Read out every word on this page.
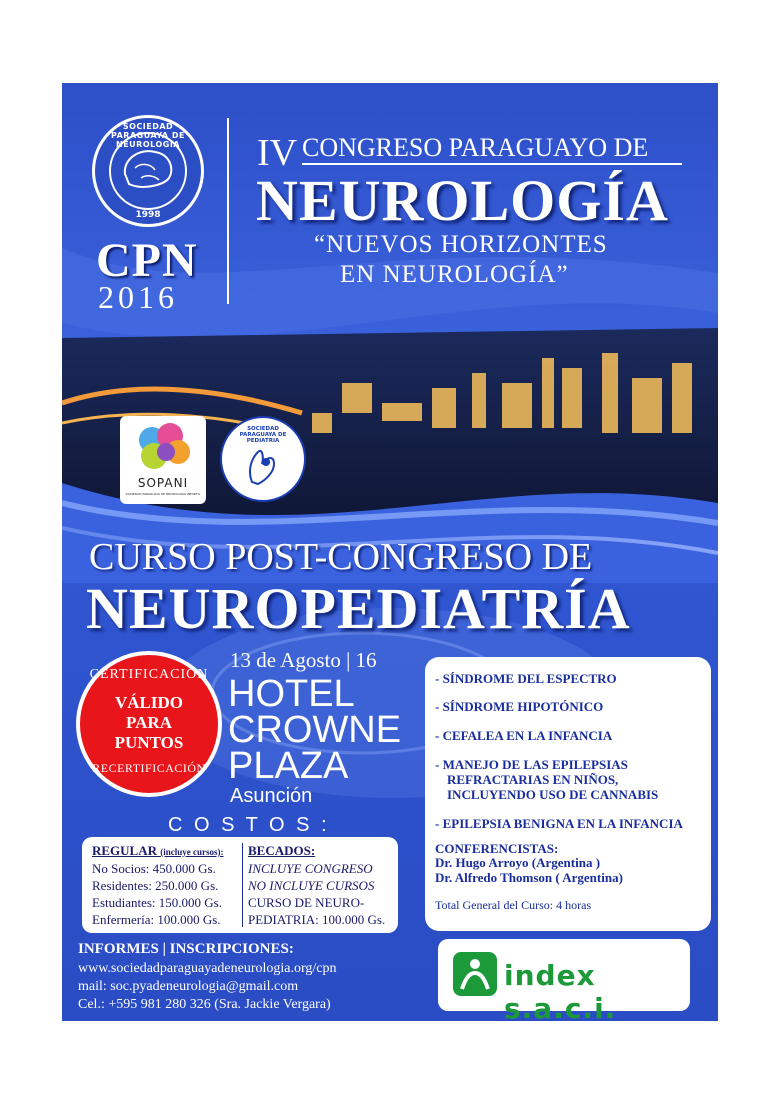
SOCIEDAD PARAGUAYA DE NEUROLOGIA
1998
CPN
2016
IV CONGRESO PARAGUAYO DE
NEUROLOGÍA
“NUEVOS HORIZONTES
EN NEUROLOGÍA”
SOPANI
SOCIEDAD PARAGUAYA DE NEUROLOGIA INFANTIL
SOCIEDAD PARAGUAYA DE PEDIATRIA
CURSO POST-CONGRESO DE
NEUROPEDIATRÍA
CERTIFICACIÓN
VÁLIDO
PARA
PUNTOS
RECERTIFICACIÓN
13 de Agosto | 16
HOTEL
CROWNE
PLAZA
Asunción
- SÍNDROME DEL ESPECTRO
- SÍNDROME HIPOTÓNICO
- CEFALEA EN LA INFANCIA
- MANEJO DE LAS EPILEPSIAS
REFRACTARIAS EN NIÑOS,
INCLUYENDO USO DE CANNABIS
- EPILEPSIA BENIGNA EN LA INFANCIA
CONFERENCISTAS:
Dr. Hugo Arroyo (Argentina )
Dr. Alfredo Thomson ( Argentina)
Total General del Curso: 4 horas
C O S T O S :
REGULAR (incluye cursos):
No Socios: 450.000 Gs.
Residentes: 250.000 Gs.
Estudiantes: 150.000 Gs.
Enfermería: 100.000 Gs.
BECADOS:
INCLUYE CONGRESO
NO INCLUYE CURSOS
CURSO DE NEURO-
PEDIATRIA: 100.000 Gs.
INFORMES | INSCRIPCIONES:
www.sociedadparaguayadeneurologia.org/cpn
mail: soc.pyadeneurologia@gmail.com
Cel.: +595 981 280 326 (Sra. Jackie Vergara)
index s.a.c.i.
